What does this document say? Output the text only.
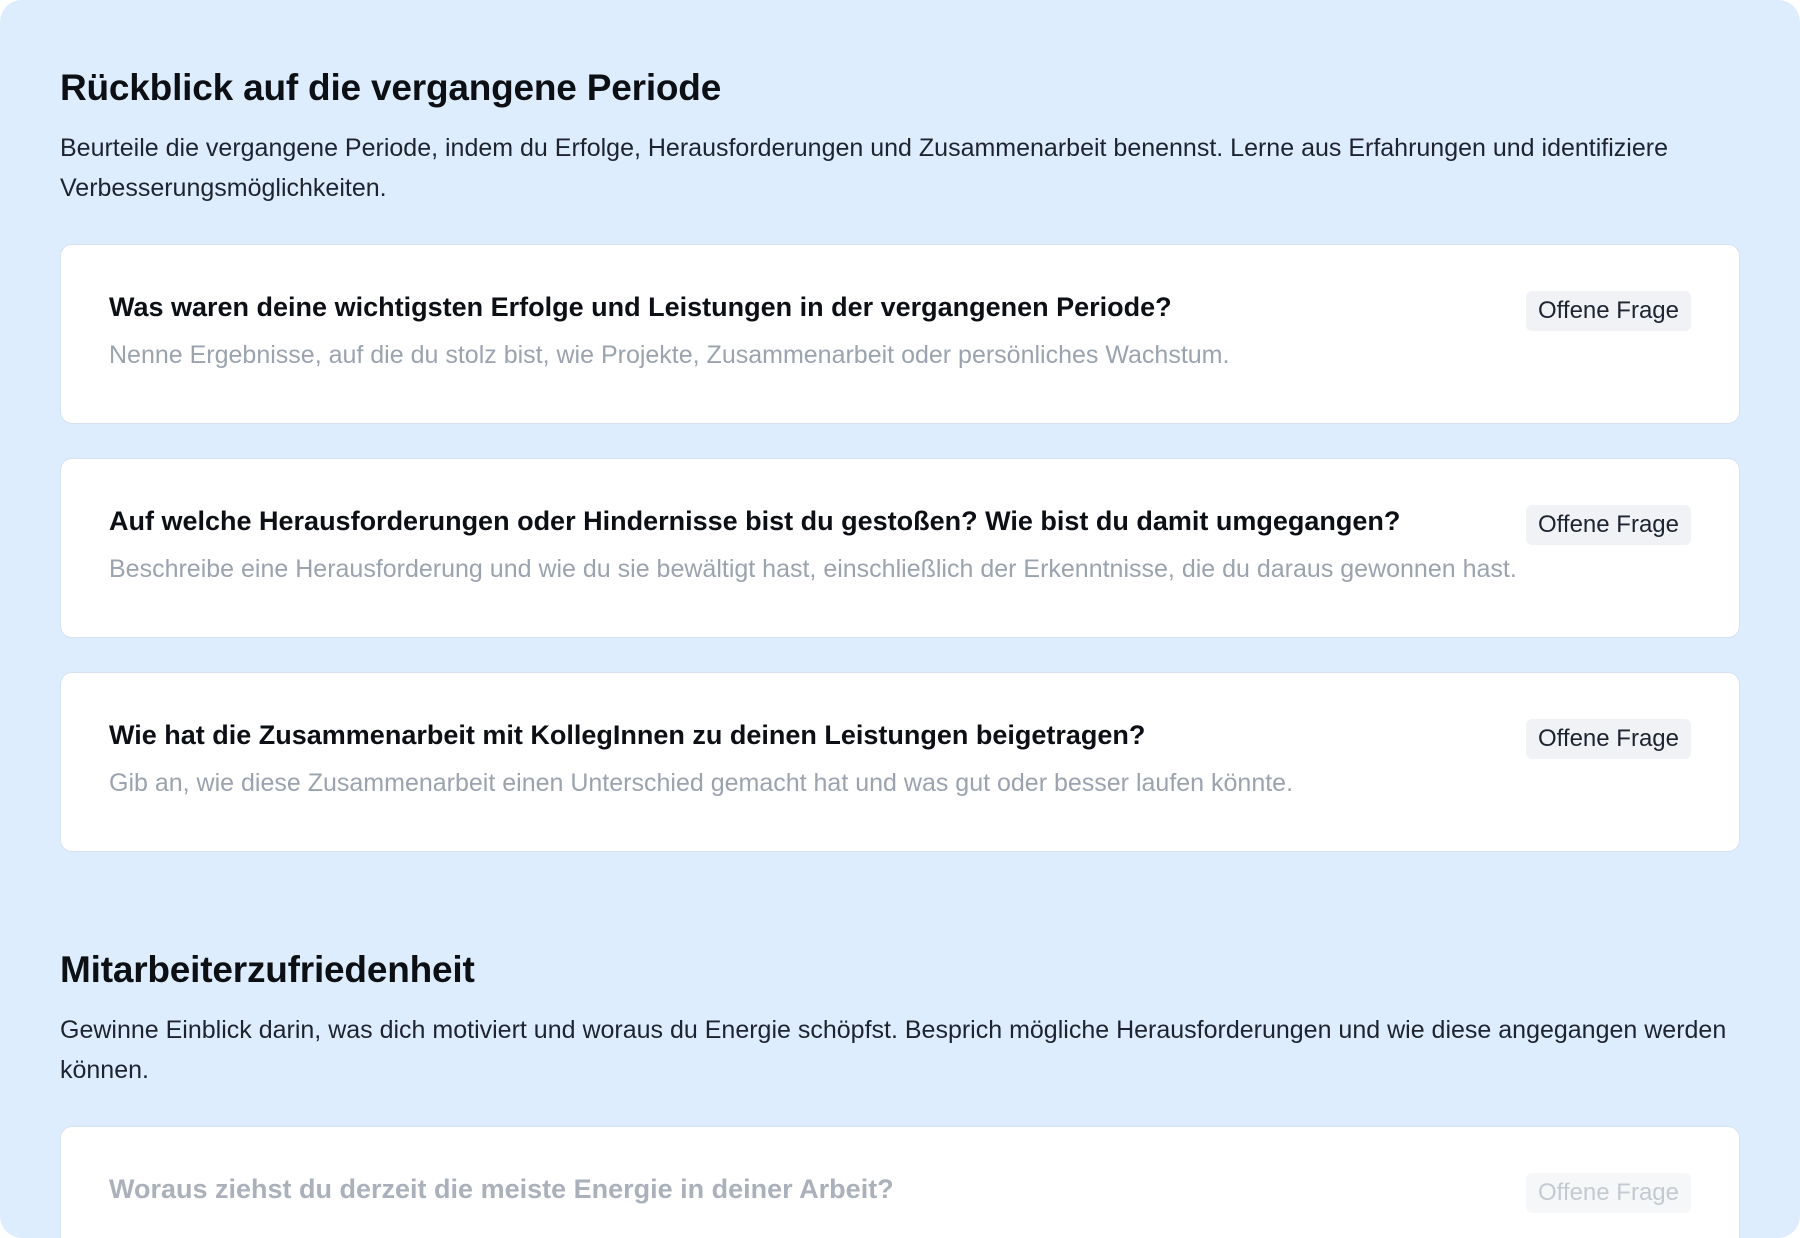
Rückblick auf die vergangene Periode

Beurteile die vergangene Periode, indem du Erfolge, Herausforderungen und Zusammenarbeit benennst. Lerne aus Erfahrungen und identifiziere Verbesserungsmöglichkeiten.

Was waren deine wichtigsten Erfolge und Leistungen in der vergangenen Periode?

Nenne Ergebnisse, auf die du stolz bist, wie Projekte, Zusammenarbeit oder persönliches Wachstum.

Offene Frage
Auf welche Herausforderungen oder Hindernisse bist du gestoßen? Wie bist du damit umgegangen?

Beschreibe eine Herausforderung und wie du sie bewältigt hast, einschließlich der Erkenntnisse, die du daraus gewonnen hast.

Offene Frage
Wie hat die Zusammenarbeit mit KollegInnen zu deinen Leistungen beigetragen?

Gib an, wie diese Zusammenarbeit einen Unterschied gemacht hat und was gut oder besser laufen könnte.

Offene Frage
Mitarbeiterzufriedenheit

Gewinne Einblick darin, was dich motiviert und woraus du Energie schöpfst. Besprich mögliche Herausforderungen und wie diese angegangen werden können.

Woraus ziehst du derzeit die meiste Energie in deiner Arbeit?	Offene Frage
